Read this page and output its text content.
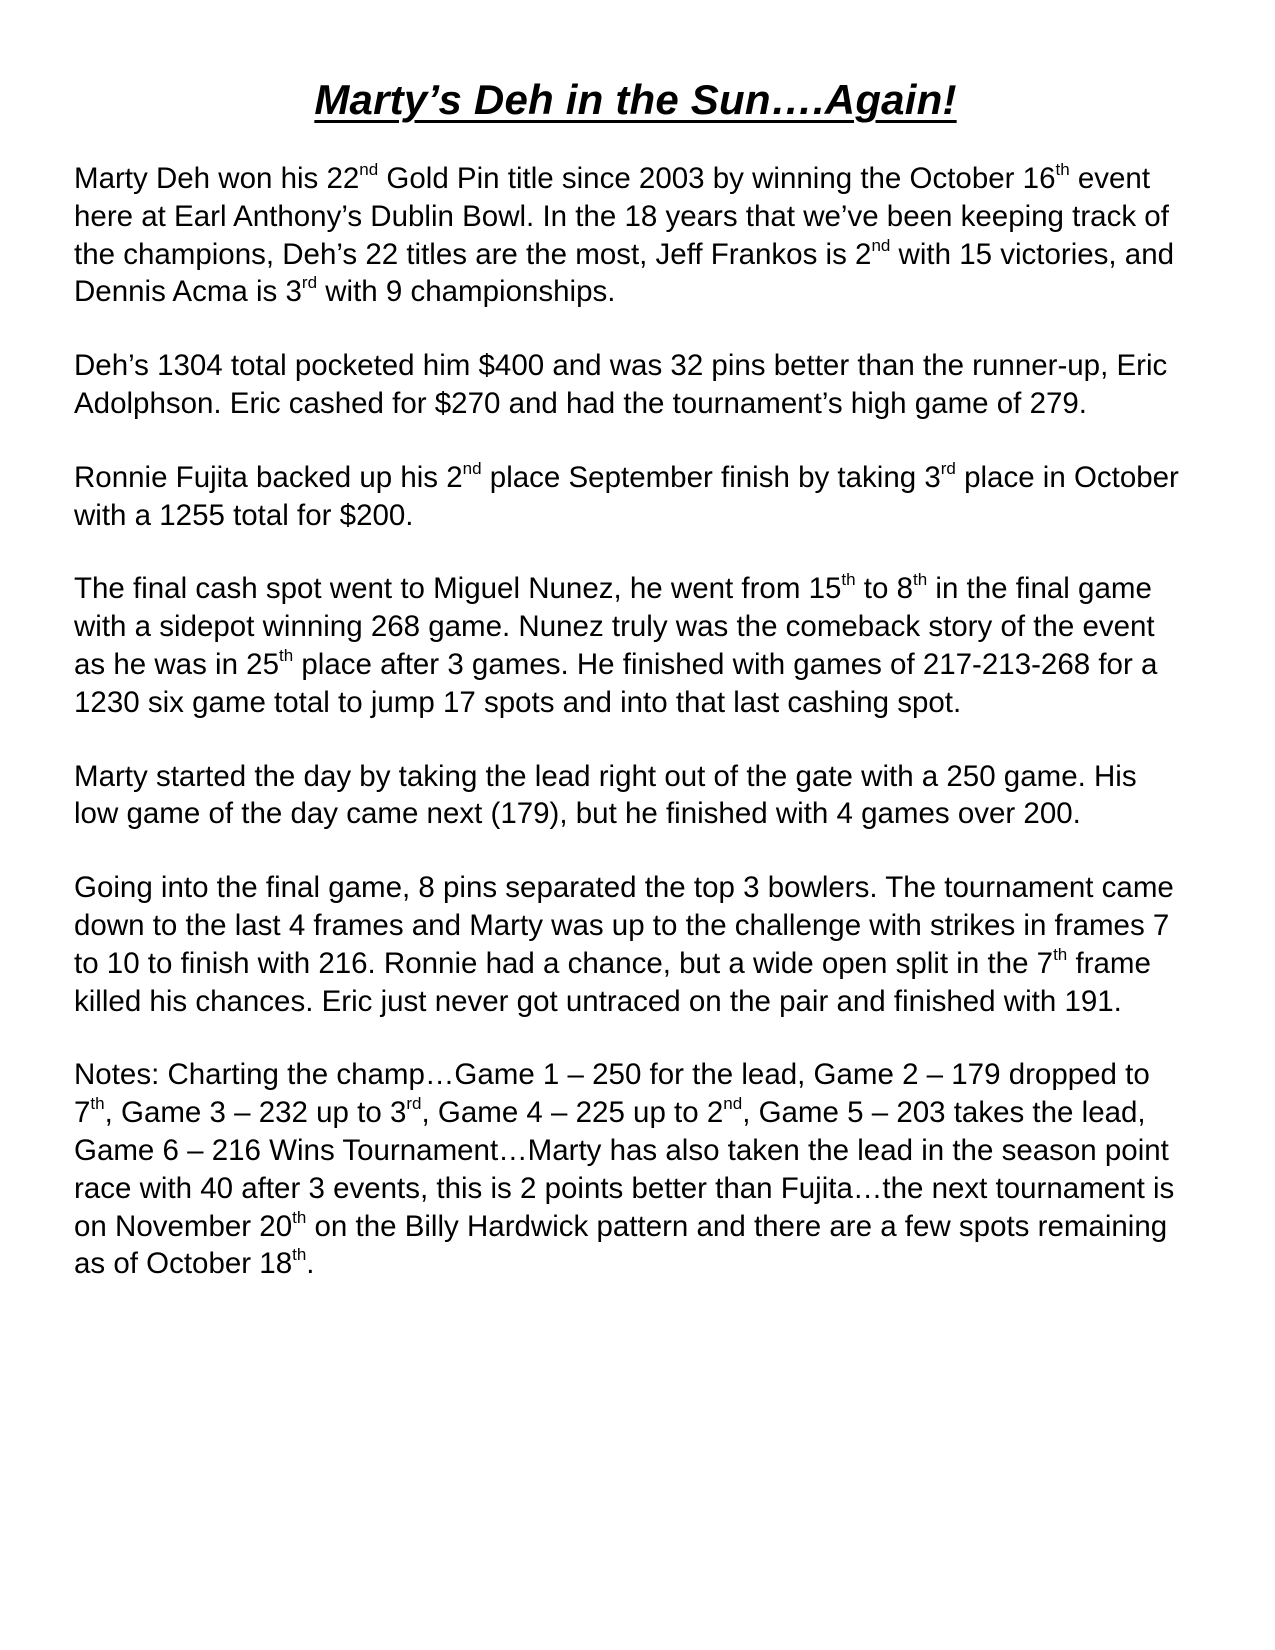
Marty’s Deh in the Sun….Again!

Marty Deh won his 22nd Gold Pin title since 2003 by winning the October 16th event here at Earl Anthony’s Dublin Bowl. In the 18 years that we’ve been keeping track of the champions, Deh’s 22 titles are the most, Jeff Frankos is 2nd with 15 victories, and Dennis Acma is 3rd with 9 championships.

Deh’s 1304 total pocketed him $400 and was 32 pins better than the runner-up, Eric Adolphson. Eric cashed for $270 and had the tournament’s high game of 279.

Ronnie Fujita backed up his 2nd place September finish by taking 3rd place in October with a 1255 total for $200.

The final cash spot went to Miguel Nunez, he went from 15th to 8th in the final game with a sidepot winning 268 game. Nunez truly was the comeback story of the event as he was in 25th place after 3 games. He finished with games of 217-213-268 for a 1230 six game total to jump 17 spots and into that last cashing spot.

Marty started the day by taking the lead right out of the gate with a 250 game. His low game of the day came next (179), but he finished with 4 games over 200.

Going into the final game, 8 pins separated the top 3 bowlers. The tournament came down to the last 4 frames and Marty was up to the challenge with strikes in frames 7 to 10 to finish with 216. Ronnie had a chance, but a wide open split in the 7th frame killed his chances. Eric just never got untraced on the pair and finished with 191.

Notes: Charting the champ…Game 1 – 250 for the lead, Game 2 – 179 dropped to 7th, Game 3 – 232 up to 3rd, Game 4 – 225 up to 2nd, Game 5 – 203 takes the lead, Game 6 – 216 Wins Tournament…Marty has also taken the lead in the season point race with 40 after 3 events, this is 2 points better than Fujita…the next tournament is on November 20th on the Billy Hardwick pattern and there are a few spots remaining as of October 18th.
